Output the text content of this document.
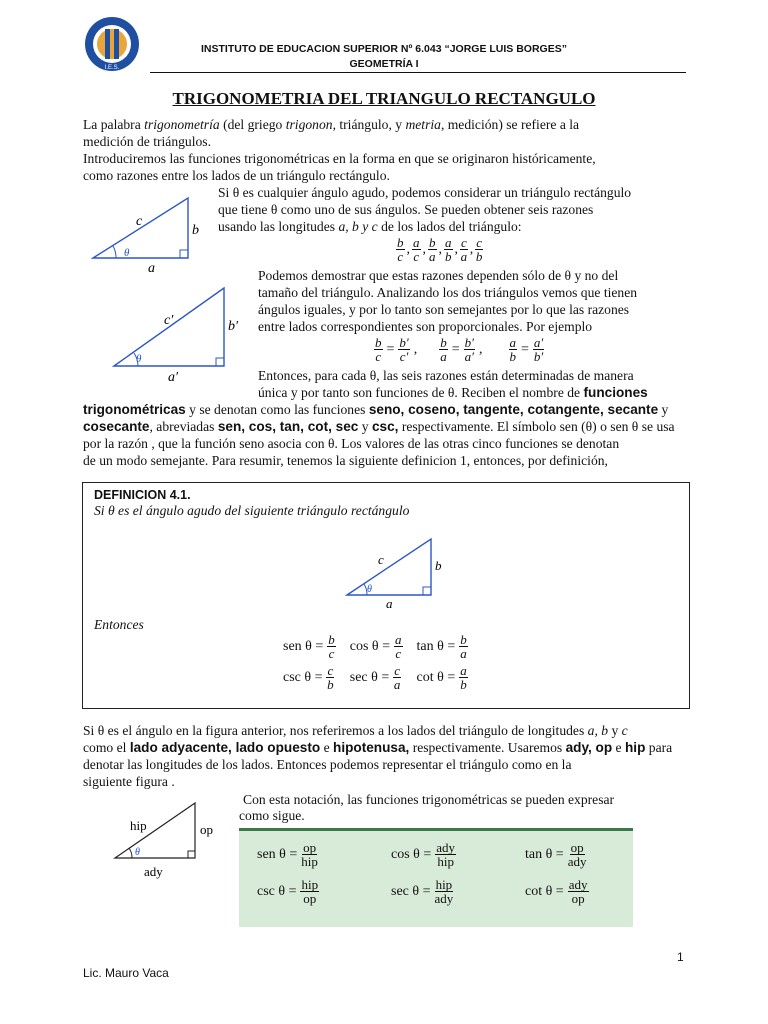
I.E.S.
INSTITUTO DE EDUCACION SUPERIOR Nº 6.043 “JORGE LUIS BORGES”
GEOMETRÍA I
TRIGONOMETRIA DEL TRIANGULO RECTANGULO
La palabra trigonometría (del griego trigonon, triángulo, y metria, medición) se refiere a la
medición de triángulos.
Introduciremos las funciones trigonométricas en la forma en que se originaron históricamente,
como razones entre los lados de un triángulo rectángulo.
c
b
a
θ
Si θ es cualquier ángulo agudo, podemos considerar un triángulo rectángulo
que tiene θ como uno de sus ángulos. Se pueden obtener seis razones
usando las longitudes a, b y c de los lados del triángulo:
$\frac{b}{c}$ , $\frac{a}{c}$ , $\frac{b}{a}$ , $\frac{a}{b}$ , $\frac{c}{a}$ , $\frac{c}{b}$
c′	b′
a′
θ
Podemos demostrar que estas razones dependen sólo de θ y no del
tamaño del triángulo. Analizando los dos triángulos vemos que tienen
ángulos iguales, y por lo tanto son semejantes por lo que las razones
entre lados correspondientes son proporcionales. Por ejemplo
$\frac{b}{c} = \frac{b'}{c'}$ , $\frac{b}{a} = \frac{b'}{a'}$ , $\frac{a}{b} = \frac{a'}{b'}$
Entonces, para cada θ, las seis razones están determinadas de manera
única y por tanto son funciones de θ. Reciben el nombre de funciones
trigonométricas y se denotan como las funciones seno, coseno, tangente, cotangente, secante y
cosecante, abreviadas sen, cos, tan, cot, sec y csc, respectivamente. El símbolo sen (θ) o sen θ se usa
por la razón , que la función seno asocia con θ. Los valores de las otras cinco funciones se denotan
de un modo semejante. Para resumir, tenemos la siguiente definicion 1, entonces, por definición,
DEFINICION 4.1.
Si θ es el ángulo agudo del siguiente triángulo rectángulo
c	b
a
θ
Entonces
sen $\theta = \frac{b}{c}$ $\cos \theta = \frac{a}{c}$ $\tan \theta = \frac{b}{a}$
$\csc \theta = \frac{c}{b}$ $\sec \theta = \frac{c}{a}$ $\cot \theta = \frac{a}{b}$
Si θ es el ángulo en la figura anterior, nos referiremos a los lados del triángulo de longitudes a, b y c
como el lado adyacente, lado opuesto e hipotenusa, respectivamente. Usaremos ady, op e hip para
denotar las longitudes de los lados. Entonces podemos representar el triángulo como en la
siguiente figura .
hip	op
ady
θ
Con esta notación, las funciones trigonométricas se pueden expresar
como sigue.
sen $\theta = \frac{op}{\text{hip}}$	$\cos \theta = \frac{\text{ady}}{\text{hip}}$	$\tan \theta = \frac{op}{\text{ady}}$
$\csc \theta = \frac{\text{hip}}{op}$	$\sec \theta = \frac{\text{hip}}{\text{ady}}$	$\cot \theta = \frac{\text{ady}}{op}$
1
Lic. Mauro Vaca
